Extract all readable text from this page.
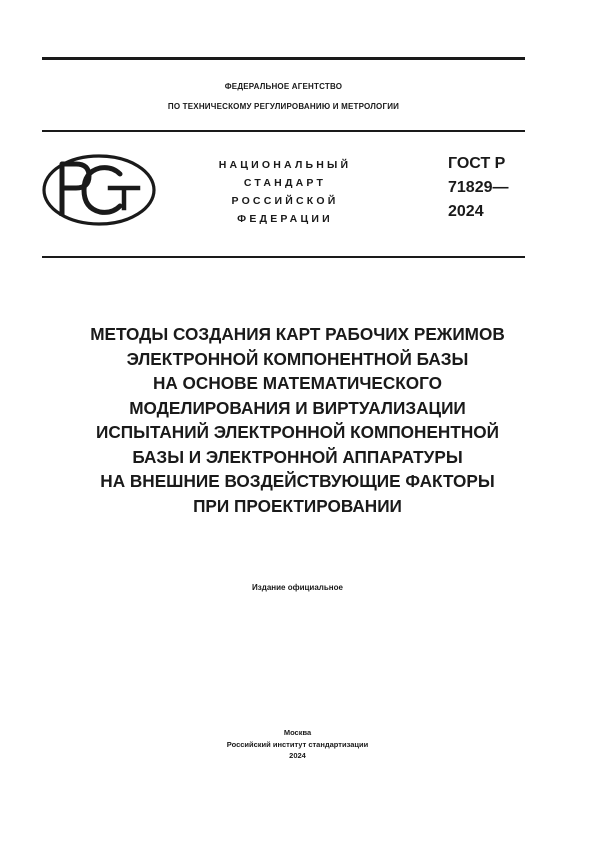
ФЕДЕРАЛЬНОЕ АГЕНТСТВО
ПО ТЕХНИЧЕСКОМУ РЕГУЛИРОВАНИЮ И МЕТРОЛОГИИ
НАЦИОНАЛЬНЫЙ
СТАНДАРТ
РОССИЙСКОЙ
ФЕДЕРАЦИИ
ГОСТ Р
71829—
2024
МЕТОДЫ СОЗДАНИЯ КАРТ РАБОЧИХ РЕЖИМОВ
ЭЛЕКТРОННОЙ КОМПОНЕНТНОЙ БАЗЫ
НА ОСНОВЕ МАТЕМАТИЧЕСКОГО
МОДЕЛИРОВАНИЯ И ВИРТУАЛИЗАЦИИ
ИСПЫТАНИЙ ЭЛЕКТРОННОЙ КОМПОНЕНТНОЙ
БАЗЫ И ЭЛЕКТРОННОЙ АППАРАТУРЫ
НА ВНЕШНИЕ ВОЗДЕЙСТВУЮЩИЕ ФАКТОРЫ
ПРИ ПРОЕКТИРОВАНИИ
Издание официальное
Москва
Российский институт стандартизации
2024
